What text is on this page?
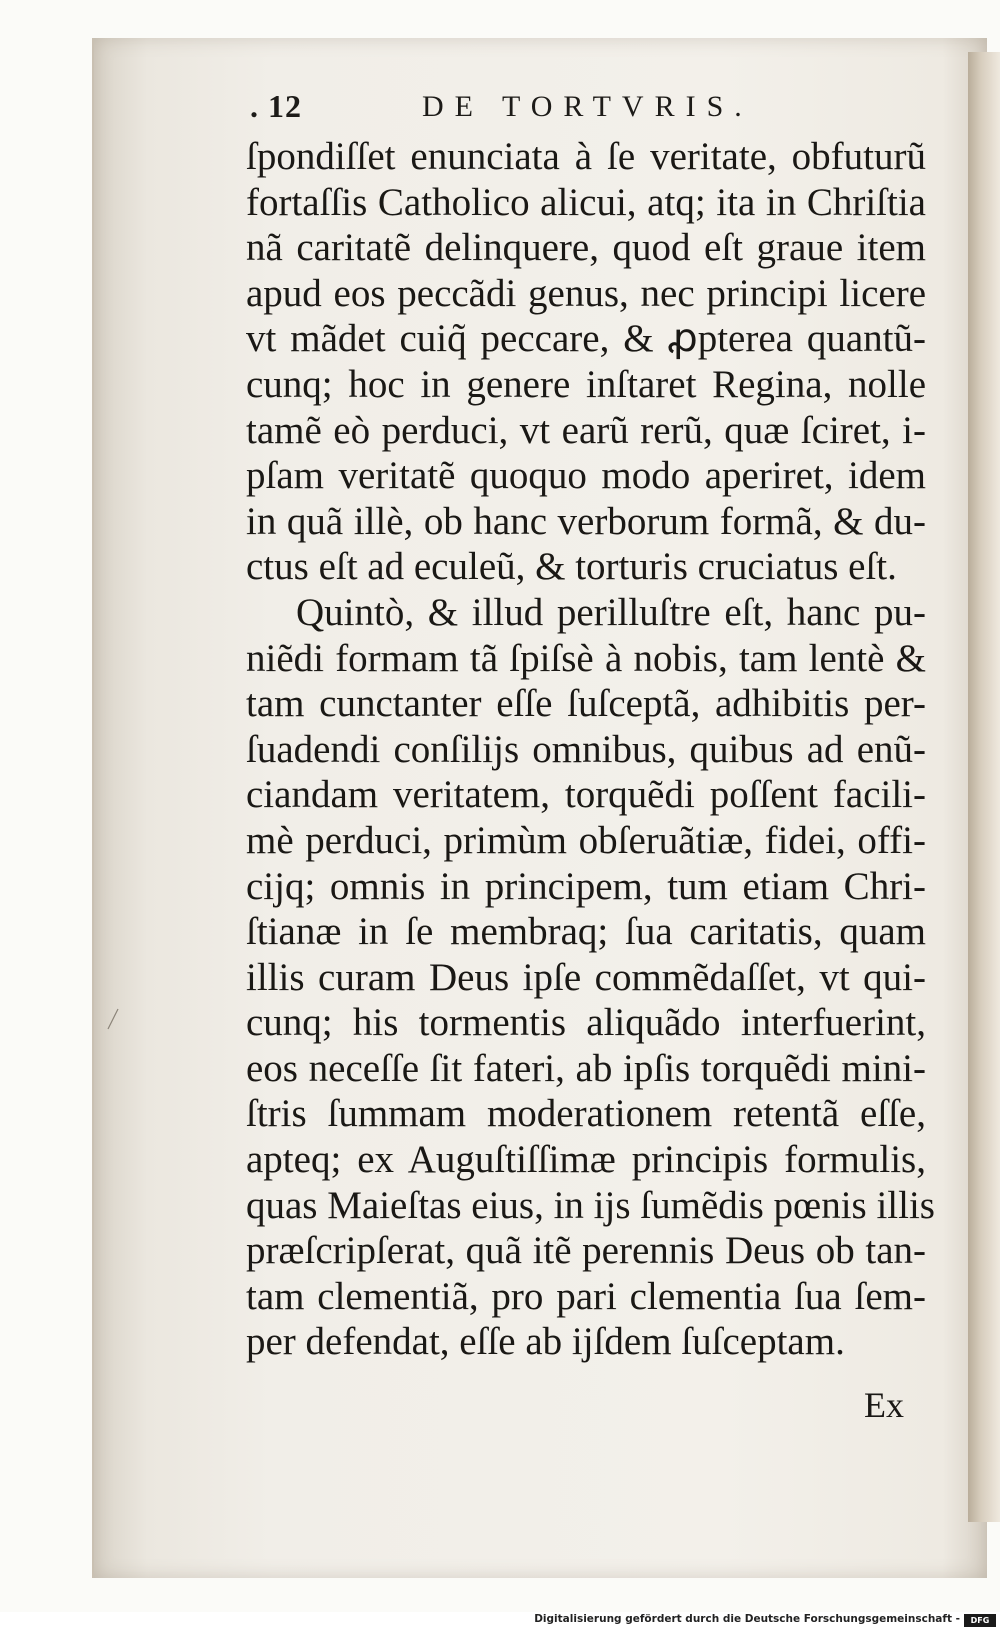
. 12	DE TORTVRIS.
ſpondiſſet enunciata à ſe veritate, obfuturũ
fortaſſis Catholico alicui, atq; ita in Chriſtia
nã caritatẽ delinquere, quod eſt graue item
apud eos peccãdi genus, nec principi licere
vt mãdet cuiq̃ peccare, & ꝓpterea quantũ-
cunq; hoc in genere inſtaret Regina, nolle
tamẽ eò perduci, vt earũ rerũ, quæ ſciret, i-
pſam veritatẽ quoquo modo aperiret, idem
in quã illè, ob hanc verborum formã, & du-
ctus eſt ad eculeũ, & torturis cruciatus eſt.
Quintò, & illud perilluſtre eſt, hanc pu-
niẽdi formam tã ſpiſsè à nobis, tam lentè &
tam cunctanter eſſe ſuſceptã, adhibitis per-
ſuadendi conſilijs omnibus, quibus ad enũ-
ciandam veritatem, torquẽdi poſſent facili-
mè perduci, primùm obſeruãtiæ, fidei, offi-
cijq; omnis in principem, tum etiam Chri-
ſtianæ in ſe membraq; ſua caritatis, quam
illis curam Deus ipſe commẽdaſſet, vt qui-
cunq; his tormentis aliquãdo interfuerint,
eos neceſſe ſit fateri, ab ipſis torquẽdi mini-
ſtris ſummam moderationem retentã eſſe,
apteq; ex Auguſtiſſimæ principis formulis,
quas Maieſtas eius, in ijs ſumẽdis pœnis illis
præſcripſerat, quã itẽ perennis Deus ob tan-
tam clementiã, pro pari clementia ſua ſem-
per defendat, eſſe ab ijſdem ſuſceptam.
Ex
Digitalisierung gefördert durch die Deutsche Forschungsgemeinschaft -	DFG
